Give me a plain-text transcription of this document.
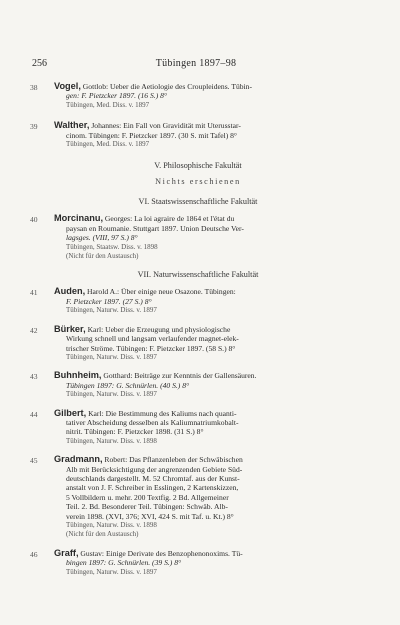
256	Tübingen 1897–98
38 Vogel, Gottlob: Ueber die Aetiologie des Croupleidens. Tübin-
gen: F. Pietzcker 1897. (16 S.) 8°
Tübingen, Med. Diss. v. 1897
39 Walther, Johannes: Ein Fall von Gravidität mit Uterusstar-
cinom. Tübingen: F. Pietzcker 1897. (30 S. mit Tafel) 8°
Tübingen, Med. Diss. v. 1897
V. Philosophische Fakultät
Nichts erschienen
VI. Staatswissenschaftliche Fakultät
40 Morcinanu, Georges: La loi agraire de 1864 et l'état du
paysan en Roumanie. Stuttgart 1897. Union Deutsche Ver-
lagsges. (VIII, 97 S.) 8°
Tübingen, Staatsw. Diss. v. 1898
(Nicht für den Austausch)
VII. Naturwissenschaftliche Fakultät
41 Auden, Harold A.: Über einige neue Osazone. Tübingen:
F. Pietzcker 1897. (27 S.) 8°
Tübingen, Naturw. Diss. v. 1897
42 Bürker, Karl: Ueber die Erzeugung und physiologische
Wirkung schnell und langsam verlaufender magnet-elek-
trischer Ströme. Tübingen: F. Pietzcker 1897. (58 S.) 8°
Tübingen, Naturw. Diss. v. 1897
43 Buhnheim, Gotthard: Beiträge zur Kenntnis der Gallensäuren.
Tübingen 1897: G. Schnürlen. (40 S.) 8°
Tübingen, Naturw. Diss. v. 1897
44 Gilbert, Karl: Die Bestimmung des Kaliums nach quanti-
tativer Abscheidung desselben als Kaliumnatriumkobalt-
nitrit. Tübingen: F. Pietzcker 1898. (31 S.) 8°
Tübingen, Naturw. Diss. v. 1898
45 Gradmann, Robert: Das Pflanzenleben der Schwäbischen
Alb mit Berücksichtigung der angrenzenden Gebiete Süd-
deutschlands dargestellt. M. 52 Chromtaf. aus der Kunst-
anstalt von J. F. Schreiber in Esslingen, 2 Kartenskizzen,
5 Vollbildern u. mehr. 200 Textfig. 2 Bd. Allgemeiner
Teil. 2. Bd. Besonderer Teil. Tübingen: Schwäb. Alb-
verein 1898. (XVI, 376; XVI, 424 S. mit Taf. u. Kt.) 8°
Tübingen, Naturw. Diss. v. 1898
(Nicht für den Austausch)
46 Graff, Gustav: Einige Derivate des Benzophenonoxims. Tü-
bingen 1897: G. Schnürlen. (39 S.) 8°
Tübingen, Naturw. Diss. v. 1897
